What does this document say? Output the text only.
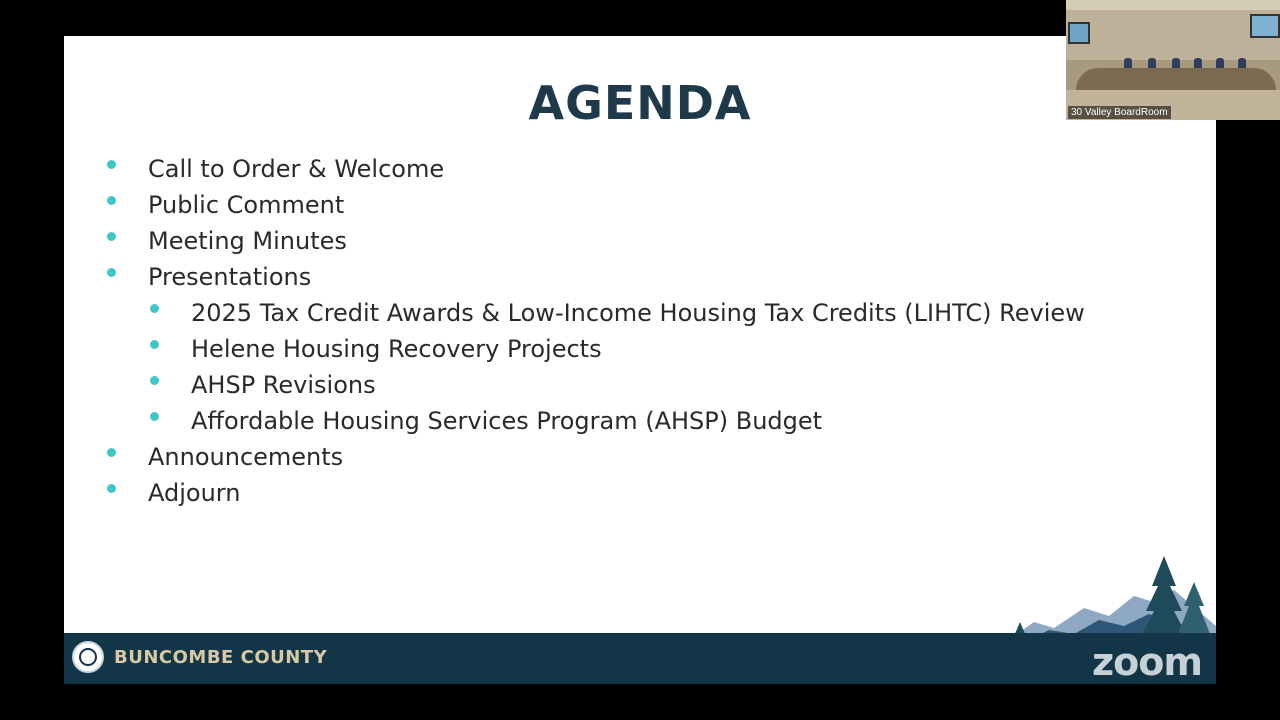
AGENDA
Call to Order & Welcome
Public Comment
Meeting Minutes
Presentations
2025 Tax Credit Awards & Low-Income Housing Tax Credits (LIHTC) Review
Helene Housing Recovery Projects
AHSP Revisions
Affordable Housing Services Program (AHSP) Budget
Announcements
Adjourn
BUNCOMBE COUNTY	zoom
30 Valley BoardRoom
